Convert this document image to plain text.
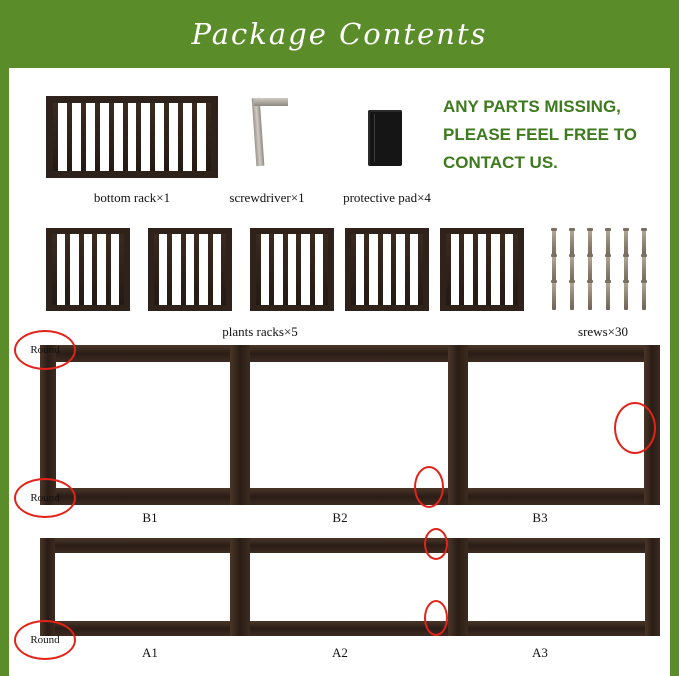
Package Contents
bottom rack×1	screwdriver×1	protective pad×4
ANY PARTS MISSING,
PLEASE FEEL FREE TO
CONTACT US.
plants racks×5	srews×30
B1	B2	B3
A1	A2	A3
Round
Round
Round
